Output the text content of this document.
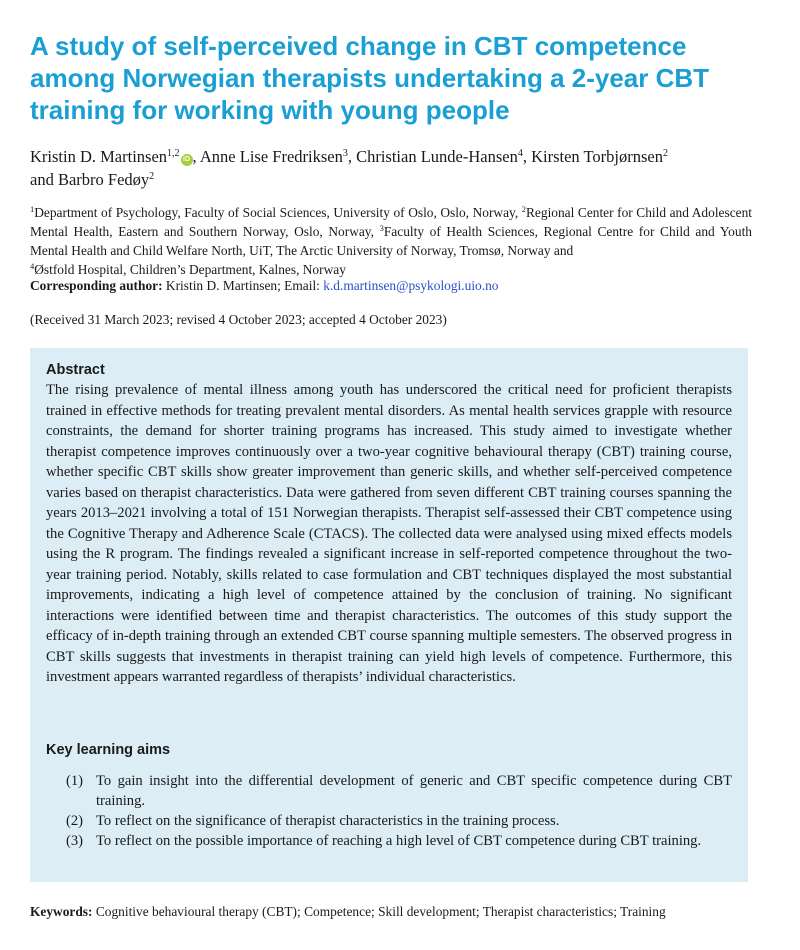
A study of self-perceived change in CBT competence among Norwegian therapists undertaking a 2-year CBT training for working with young people
Kristin D. Martinsen$^{1,2}$iD , Anne Lise Fredriksen$^3$, Christian Lunde-Hansen$^4$, Kirsten Torbjørnsen$^2$
and Barbro Fedøy$^2$
$^1$Department of Psychology, Faculty of Social Sciences, University of Oslo, Oslo, Norway, $^2$Regional Center for Child and Adolescent Mental Health, Eastern and Southern Norway, Oslo, Norway, $^3$Faculty of Health Sciences, Regional Centre for Child and Youth Mental Health and Child Welfare North, UiT, The Arctic University of Norway, Tromsø, Norway and
$^4$Østfold Hospital, Children’s Department, Kalnes, Norway
Corresponding author: Kristin D. Martinsen; Email: k.d.martinsen@psykologi.uio.no
(Received 31 March 2023; revised 4 October 2023; accepted 4 October 2023)
Abstract
The rising prevalence of mental illness among youth has underscored the critical need for proficient therapists trained in effective methods for treating prevalent mental disorders. As mental health services grapple with resource constraints, the demand for shorter training programs has increased. This study aimed to investigate whether therapist competence improves continuously over a two-year cognitive behavioural therapy (CBT) training course, whether specific CBT skills show greater improvement than generic skills, and whether self-perceived competence varies based on therapist characteristics. Data were gathered from seven different CBT training courses spanning the years 2013–2021 involving a total of 151 Norwegian therapists. Therapist self-assessed their CBT competence using the Cognitive Therapy and Adherence Scale (CTACS). The collected data were analysed using mixed effects models using the R program. The findings revealed a significant increase in self-reported competence throughout the two-year training period. Notably, skills related to case formulation and CBT techniques displayed the most substantial improvements, indicating a high level of competence attained by the conclusion of training. No significant interactions were identified between time and therapist characteristics. The outcomes of this study support the efficacy of in-depth training through an extended CBT course spanning multiple semesters. The observed progress in CBT skills suggests that investments in therapist training can yield high levels of competence. Furthermore, this investment appears warranted regardless of therapists’ individual characteristics.
Key learning aims
(1) To gain insight into the differential development of generic and CBT specific competence during CBT training.
(2) To reflect on the significance of therapist characteristics in the training process.
(3) To reflect on the possible importance of reaching a high level of CBT competence during CBT training.
Keywords: Cognitive behavioural therapy (CBT); Competence; Skill development; Therapist characteristics; Training
